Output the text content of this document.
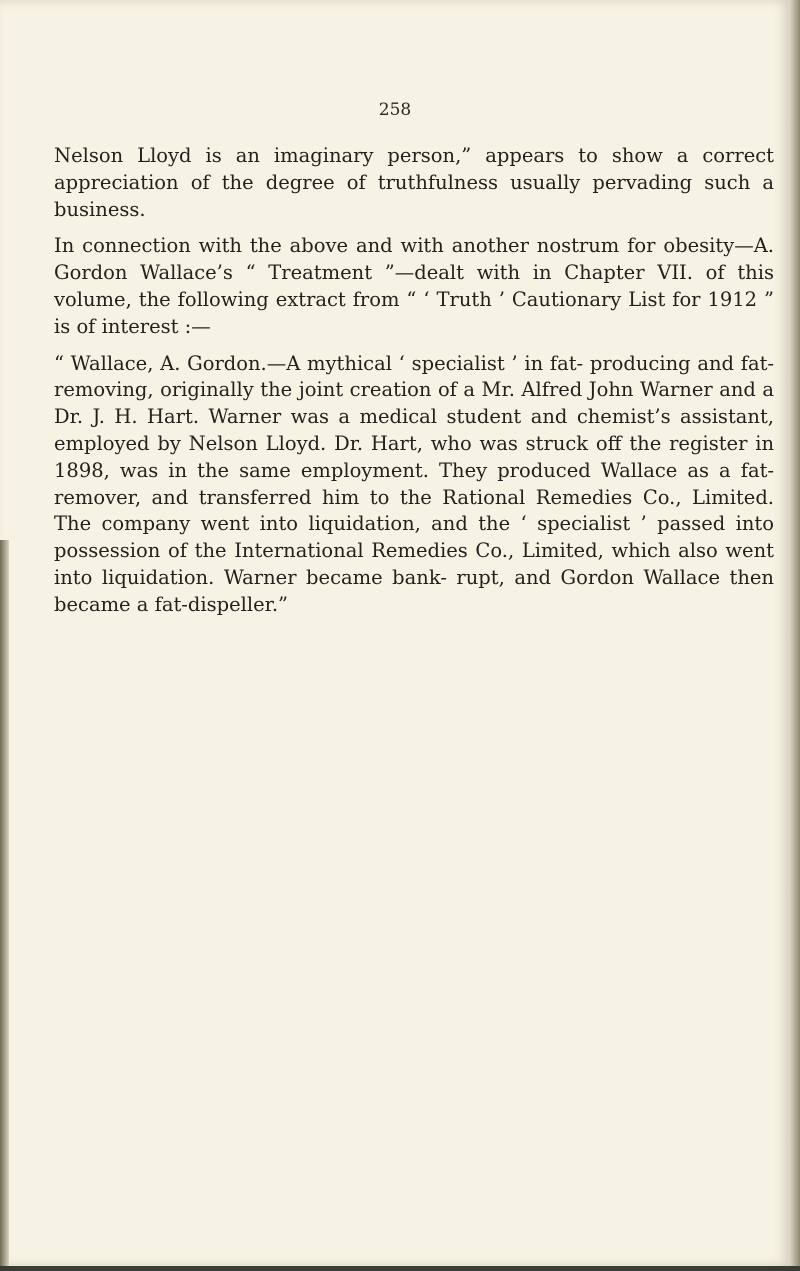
258

Nelson Lloyd is an imaginary person,” appears to show a correct appreciation of the degree of truthfulness usually pervading such a business.

In connection with the above and with another nostrum for obesity—A. Gordon Wallace’s “ Treatment ”—dealt with in Chapter VII. of this volume, the following extract from “ ‘ Truth ’ Cautionary List for 1912 ” is of interest :—

“ Wallace, A. Gordon.—A mythical ‘ specialist ’ in fat- producing and fat-removing, originally the joint creation of a Mr. Alfred John Warner and a Dr. J. H. Hart. Warner was a medical student and chemist’s assistant, employed by Nelson Lloyd. Dr. Hart, who was struck off the register in 1898, was in the same employment. They produced Wallace as a fat-remover, and transferred him to the Rational Remedies Co., Limited. The company went into liquidation, and the ‘ specialist ’ passed into possession of the International Remedies Co., Limited, which also went into liquidation. Warner became bank- rupt, and Gordon Wallace then became a fat-dispeller.”
